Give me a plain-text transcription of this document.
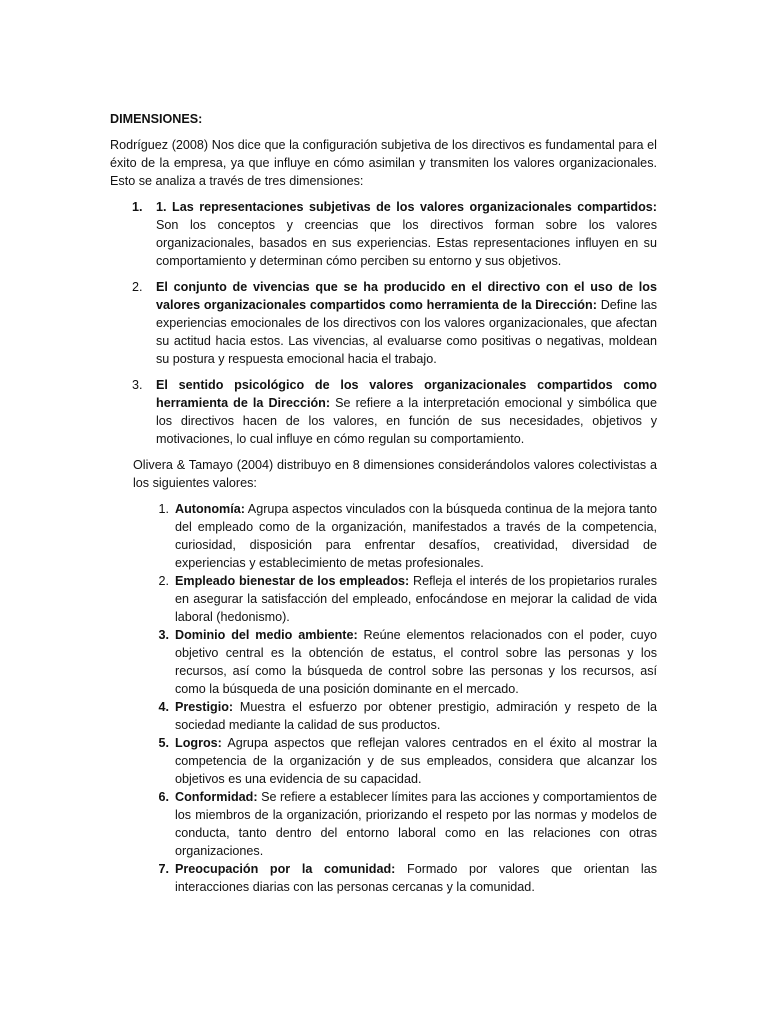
DIMENSIONES:

Rodríguez (2008) Nos dice que la configuración subjetiva de los directivos es fundamental para el éxito de la empresa, ya que influye en cómo asimilan y transmiten los valores organizacionales. Esto se analiza a través de tres dimensiones:

1. 1. Las representaciones subjetivas de los valores organizacionales compartidos: Son los conceptos y creencias que los directivos forman sobre los valores organizacionales, basados en sus experiencias. Estas representaciones influyen en su comportamiento y determinan cómo perciben su entorno y sus objetivos.
2. El conjunto de vivencias que se ha producido en el directivo con el uso de los valores organizacionales compartidos como herramienta de la Dirección: Define las experiencias emocionales de los directivos con los valores organizacionales, que afectan su actitud hacia estos. Las vivencias, al evaluarse como positivas o negativas, moldean su postura y respuesta emocional hacia el trabajo.
3. El sentido psicológico de los valores organizacionales compartidos como herramienta de la Dirección: Se refiere a la interpretación emocional y simbólica que los directivos hacen de los valores, en función de sus necesidades, objetivos y motivaciones, lo cual influye en cómo regulan su comportamiento.

Olivera & Tamayo (2004) distribuyo en 8 dimensiones considerándolos valores colectivistas a los siguientes valores:

1. Autonomía: Agrupa aspectos vinculados con la búsqueda continua de la mejora tanto del empleado como de la organización, manifestados a través de la competencia, curiosidad, disposición para enfrentar desafíos, creatividad, diversidad de experiencias y establecimiento de metas profesionales.
2. Empleado bienestar de los empleados: Refleja el interés de los propietarios rurales en asegurar la satisfacción del empleado, enfocándose en mejorar la calidad de vida laboral (hedonismo).
3. Dominio del medio ambiente: Reúne elementos relacionados con el poder, cuyo objetivo central es la obtención de estatus, el control sobre las personas y los recursos, así como la búsqueda de control sobre las personas y los recursos, así como la búsqueda de una posición dominante en el mercado.
4. Prestigio: Muestra el esfuerzo por obtener prestigio, admiración y respeto de la sociedad mediante la calidad de sus productos.
5. Logros: Agrupa aspectos que reflejan valores centrados en el éxito al mostrar la competencia de la organización y de sus empleados, considera que alcanzar los objetivos es una evidencia de su capacidad.
6. Conformidad: Se refiere a establecer límites para las acciones y comportamientos de los miembros de la organización, priorizando el respeto por las normas y modelos de conducta, tanto dentro del entorno laboral como en las relaciones con otras organizaciones.
7. Preocupación por la comunidad: Formado por valores que orientan las interacciones diarias con las personas cercanas y la comunidad.
